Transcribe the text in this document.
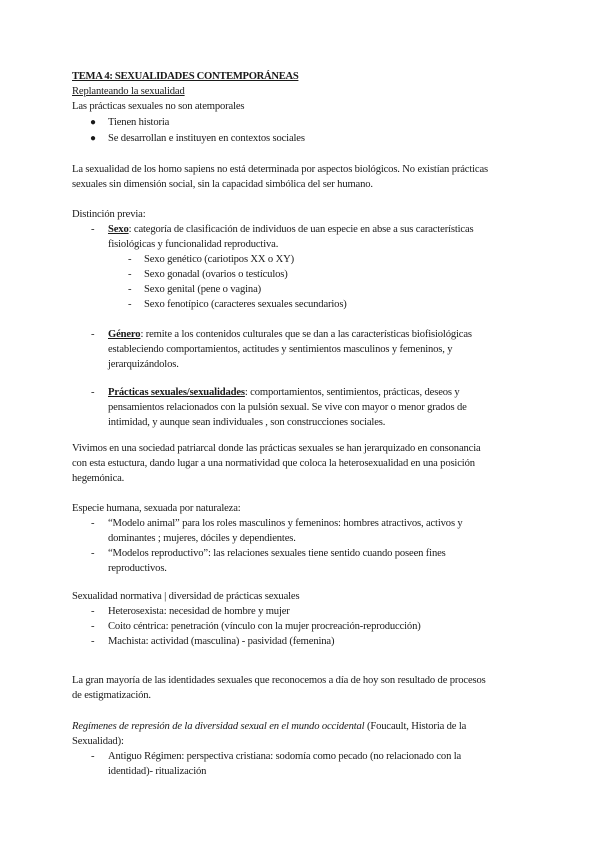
TEMA 4: SEXUALIDADES CONTEMPORÁNEAS
Replanteando la sexualidad
Las prácticas sexuales no son atemporales
● Tienen historia
● Se desarrollan e instituyen en contextos sociales
La sexualidad de los homo sapiens no está determinada por aspectos biológicos. No existían prácticas
sexuales sin dimensión social, sin la capacidad simbólica del ser humano.
Distinción previa:
- Sexo: categoría de clasificación de individuos de uan especie en abse a sus características
fisiológicas y funcionalidad reproductiva.
- Sexo genético (cariotipos XX o XY)
- Sexo gonadal (ovarios o testículos)
- Sexo genital (pene o vagina)
- Sexo fenotípico (caracteres sexuales secundarios)
- Género: remite a los contenidos culturales que se dan a las características biofisiológicas
estableciendo comportamientos, actitudes y sentimientos masculinos y femeninos, y
jerarquizándolos.
- Prácticas sexuales/sexualidades: comportamientos, sentimientos, prácticas, deseos y
pensamientos relacionados con la pulsión sexual. Se vive con mayor o menor grados de
intimidad, y aunque sean individuales , son construcciones sociales.
Vivimos en una sociedad patriarcal donde las prácticas sexuales se han jerarquizado en consonancia
con esta estuctura, dando lugar a una normatividad que coloca la heterosexualidad en una posición
hegemónica.
Especie humana, sexuada por naturaleza:
- “Modelo animal” para los roles masculinos y femeninos: hombres atractivos, activos y
dominantes ; mujeres, dóciles y dependientes.
- “Modelos reproductivo”: las relaciones sexuales tiene sentido cuando poseen fines
reproductivos.
Sexualidad normativa | diversidad de prácticas sexuales
- Heterosexista: necesidad de hombre y mujer
- Coito céntrica: penetración (vínculo con la mujer procreación-reproducción)
- Machista: actividad (masculina) - pasividad (femenina)
La gran mayoría de las identidades sexuales que reconocemos a día de hoy son resultado de procesos
de estigmatización.
Regímenes de represión de la diversidad sexual en el mundo occidental (Foucault, Historia de la
Sexualidad):
- Antiguo Régimen: perspectiva cristiana: sodomía como pecado (no relacionado con la
identidad)- ritualización
